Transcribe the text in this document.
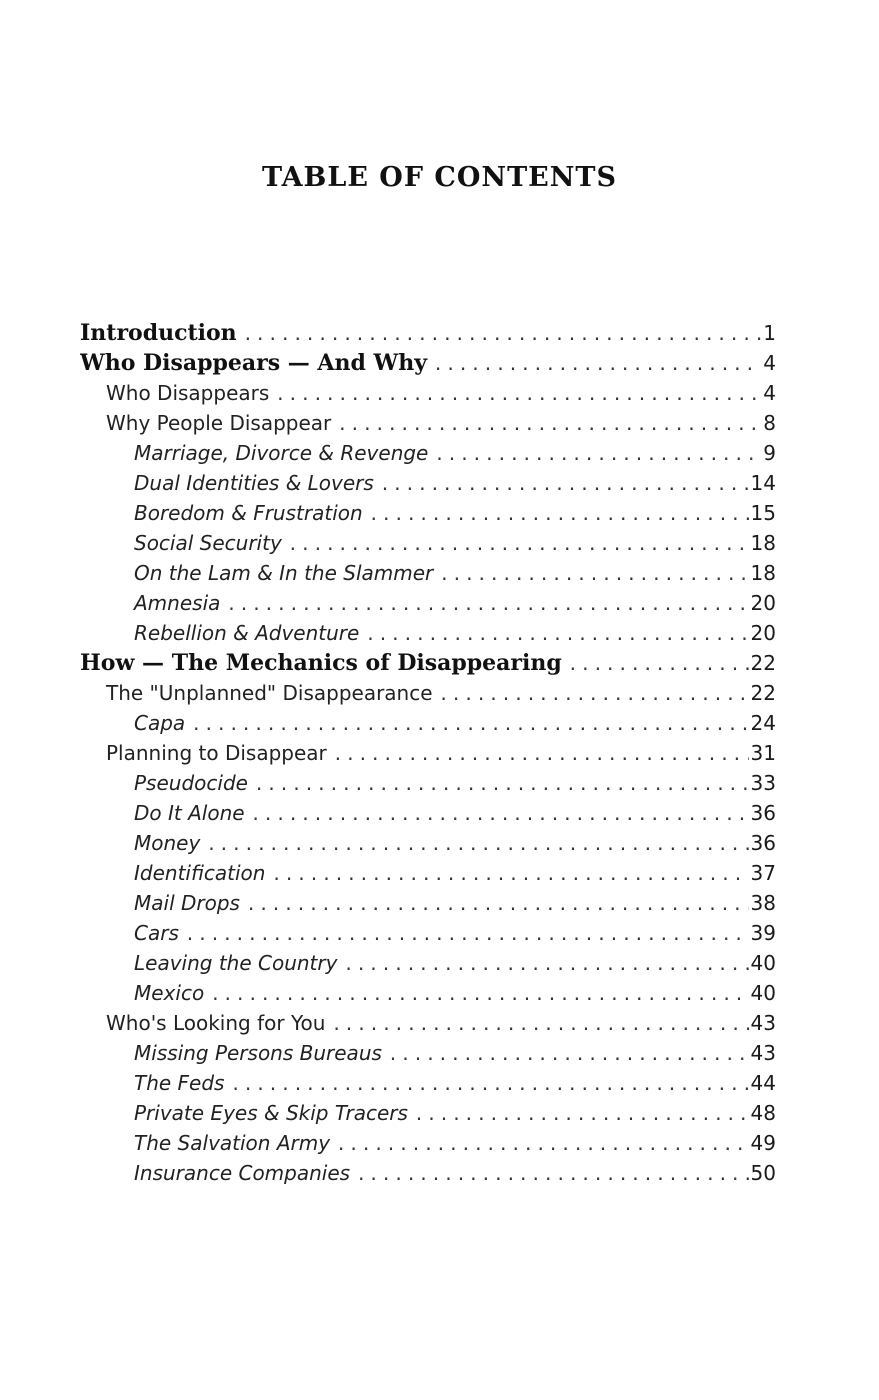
TABLE OF CONTENTS
Introduction . . .	1
Who Disappears — And Why . . .	4
Who Disappears . . .	4
Why People Disappear . . .	8
Marriage, Divorce & Revenge . . .	9
Dual Identities & Lovers . . .	14
Boredom & Frustration . . .	15
Social Security . . .	18
On the Lam & In the Slammer . . .	18
Amnesia . . .	20
Rebellion & Adventure . . .	20
How — The Mechanics of Disappearing . . .	22
The "Unplanned" Disappearance . . .	22
Capa . . .	24
Planning to Disappear . . .	31
Pseudocide . . .	33
Do It Alone . . .	36
Money . . .	36
Identification . . .	37
Mail Drops . . .	38
Cars . . .	39
Leaving the Country . . .	40
Mexico . . .	40
Who's Looking for You . . .	43
Missing Persons Bureaus . . .	43
The Feds . . .	44
Private Eyes & Skip Tracers . . .	48
The Salvation Army . . .	49
Insurance Companies . . .	50
